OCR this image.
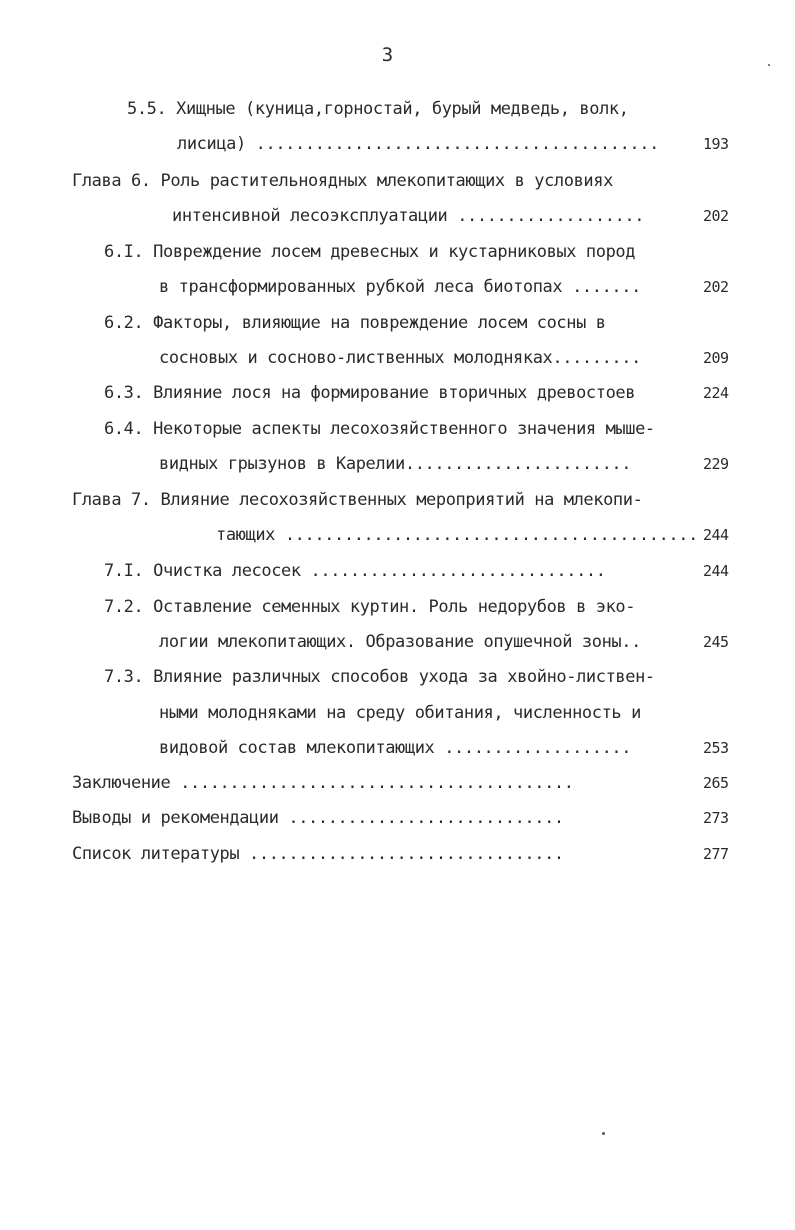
3
5.5. Хищные (куница,горностай, бурый медведь, волк,
лисица) .........................................	193
Глава 6. Роль растительноядных млекопитающих в условиях
интенсивной лесоэксплуатации ...................	202
6.I. Повреждение лосем древесных и кустарниковых пород
в трансформированных рубкой леса биотопах .......	202
6.2. Факторы, влияющие на повреждение лосем сосны в
сосновых и сосново-лиственных молодняках.........	209
6.3. Влияние лося на формирование вторичных древостоев	224
6.4. Некоторые аспекты лесохозяйственного значения мыше-
видных грызунов в Карелии.......................	229
Глава 7. Влияние лесохозяйственных мероприятий на млекопи-
тающих .......................................... 244
7.I. Очистка лесосек ..............................	244
7.2. Оставление семенных куртин. Роль недорубов в эко-
логии млекопитающих. Образование опушечной зоны..	245
7.3. Влияние различных способов ухода за хвойно-листвен-
ными молодняками на среду обитания, численность и
видовой состав млекопитающих ...................	253
Заключение ........................................	265
Выводы и рекомендации ............................	273
Список литературы ................................	277
